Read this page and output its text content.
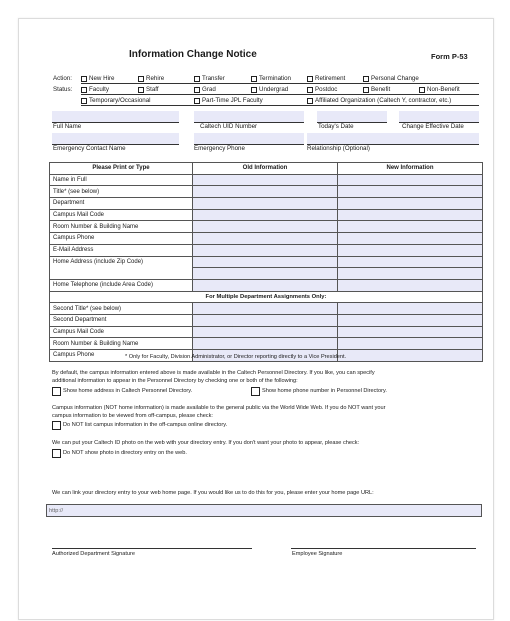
Information Change Notice	Form P-53
Action:	New Hire	Rehire	Transfer	Termination	Retirement	Personal Change
Status:	Faculty	Staff	Grad	Undergrad	Postdoc	Benefit	Non-Benefit
Temporary/Occasional	Part-Time JPL Faculty	Affiliated Organization (Caltech Y, contractor, etc.)
Full Name	Caltech UID Number	Today's Date	Change Effective Date
Emergency Contact Name	Emergency Phone	Relationship (Optional)
Please Print or Type	Old Information	New Information
Name in Full		
Title* (see below)		
Department		
Campus Mail Code		
Room Number & Building Name		
Campus Phone		
E-Mail Address		
Home Address (include Zip Code)		

Home Telephone (include Area Code)		
For Multiple Department Assignments Only:		
Second Title* (see below)		
Second Department		
Campus Mail Code		
Room Number & Building Name		
Campus Phone			* Only for Faculty, Division Administrator, or Director reporting directly to a Vice President.
By default, the campus information entered above is made available in the Caltech Personnel Directory. If you like, you can specify
additional information to appear in the Personnel Directory by checking one or both of the following:
Show home address in Caltech Personnel Directory.	Show home phone number in Personnel Directory.
Campus information (NOT home information) is made available to the general public via the World Wide Web. If you do NOT want your
campus information to be viewed from off-campus, please check:
Do NOT list campus information in the off-campus online directory.
We can put your Caltech ID photo on the web with your directory entry. If you don't want your photo to appear, please check:
Do NOT show photo in directory entry on the web.
We can link your directory entry to your web home page. If you would like us to do this for you, please enter your home page URL:
http://
Authorized Department Signature	Employee Signature
